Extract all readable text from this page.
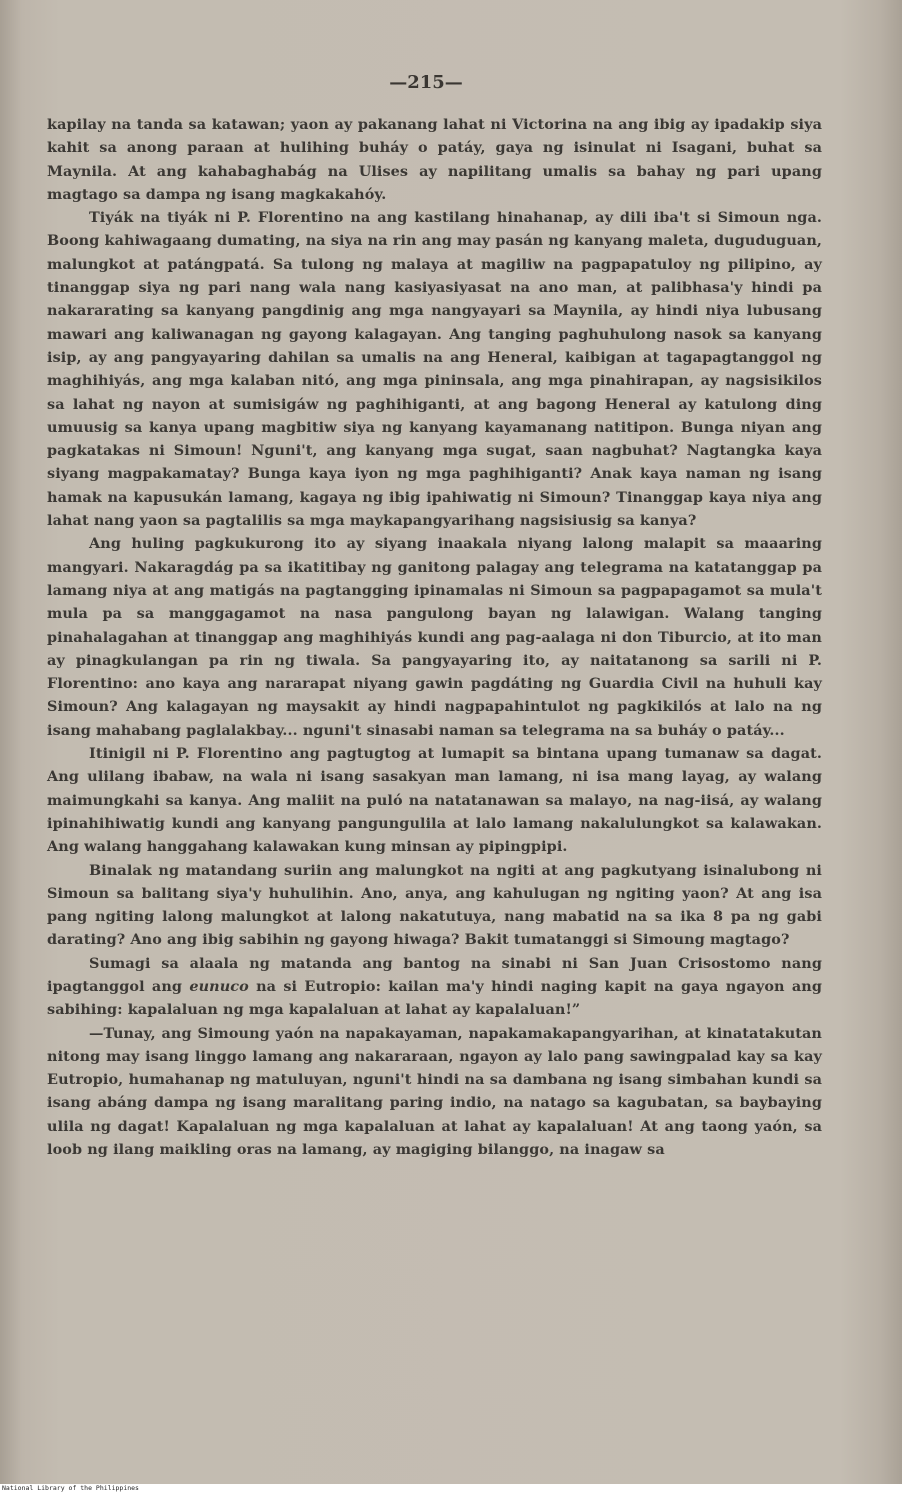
—215—

kapilay na tanda sa katawan; yaon ay pakanang lahat ni Victorina na ang ibig ay ipadakip siya kahit sa anong paraan at hulihing buháy o patáy, gaya ng isinulat ni Isagani, buhat sa Maynila. At ang kahabaghabág na Ulises ay napilitang umalis sa bahay ng pari upang magtago sa dampa ng isang magkakahóy.

Tiyák na tiyák ni P. Florentino na ang kastilang hinahanap, ay dili iba't si Simoun nga. Boong kahiwagaang dumating, na siya na rin ang may pasán ng kanyang maleta, duguduguan, malungkot at patángpatá. Sa tulong ng malaya at magiliw na pagpapatuloy ng pilipino, ay tinanggap siya ng pari nang wala nang kasiyasiyasat na ano man, at palibhasa'y hindi pa nakararating sa kanyang pangdinig ang mga nangyayari sa Maynila, ay hindi niya lubusang mawari ang kaliwanagan ng gayong kalagayan. Ang tanging paghuhulong nasok sa kanyang isip, ay ang pangyayaring dahilan sa umalis na ang Heneral, kaibigan at tagapagtanggol ng maghihiyás, ang mga kalaban nitó, ang mga pininsala, ang mga pinahirapan, ay nagsisikilos sa lahat ng nayon at sumisigáw ng paghihiganti, at ang bagong Heneral ay katulong ding umuusig sa kanya upang magbitiw siya ng kanyang kayamanang natitipon. Bunga niyan ang pagkatakas ni Simoun! Nguni't, ang kanyang mga sugat, saan nagbuhat? Nagtangka kaya siyang magpakamatay? Bunga kaya iyon ng mga paghihiganti? Anak kaya naman ng isang hamak na kapusukán lamang, kagaya ng ibig ipahiwatig ni Simoun? Tinanggap kaya niya ang lahat nang yaon sa pagtalilis sa mga maykapangyarihang nagsisiusig sa kanya?

Ang huling pagkukurong ito ay siyang inaakala niyang lalong malapit sa maaaring mangyari. Nakaragdág pa sa ikatitibay ng ganitong palagay ang telegrama na katatanggap pa lamang niya at ang matigás na pagtangging ipinamalas ni Simoun sa pagpapagamot sa mula't mula pa sa manggagamot na nasa pangulong bayan ng lalawigan. Walang tanging pinahalagahan at tinanggap ang maghihiyás kundi ang pag-aalaga ni don Tiburcio, at ito man ay pinagkulangan pa rin ng tiwala. Sa pangyayaring ito, ay naitatanong sa sarili ni P. Florentino: ano kaya ang nararapat niyang gawin pagdáting ng Guardia Civil na huhuli kay Simoun? Ang kalagayan ng maysakit ay hindi nagpapahintulot ng pagkikilós at lalo na ng isang mahabang paglalakbay... nguni't sinasabi naman sa telegrama na sa buháy o patáy...

Itinigil ni P. Florentino ang pagtugtog at lumapit sa bintana upang tumanaw sa dagat. Ang ulilang ibabaw, na wala ni isang sasakyan man lamang, ni isa mang layag, ay walang maimungkahi sa kanya. Ang maliit na puló na natatanawan sa malayo, na nag-iisá, ay walang ipinahihiwatig kundi ang kanyang pangungulila at lalo lamang nakalulungkot sa kalawakan. Ang walang hanggahang kalawakan kung minsan ay pipingpipi.

Binalak ng matandang suriin ang malungkot na ngiti at ang pagkutyang isinalubong ni Simoun sa balitang siya'y huhulihin. Ano, anya, ang kahulugan ng ngiting yaon? At ang isa pang ngiting lalong malungkot at lalong nakatutuya, nang mabatid na sa ika 8 pa ng gabi darating? Ano ang ibig sabihin ng gayong hiwaga? Bakit tumatanggi si Simoung magtago?

Sumagi sa alaala ng matanda ang bantog na sinabi ni San Juan Crisostomo nang ipagtanggol ang eunuco na si Eutropio: kailan ma'y hindi naging kapit na gaya ngayon ang sabihing: kapalaluan ng mga kapalaluan at lahat ay kapalaluan!”

—Tunay, ang Simoung yaón na napakayaman, napakamakapangyarihan, at kinatatakutan nitong may isang linggo lamang ang nakararaan, ngayon ay lalo pang sawingpalad kay sa kay Eutropio, humahanap ng matuluyan, nguni't hindi na sa dambana ng isang simbahan kundi sa isang abáng dampa ng isang maralitang paring indio, na natago sa kagubatan, sa baybaying ulila ng dagat! Kapalaluan ng mga kapalaluan at lahat ay kapalaluan! At ang taong yaón, sa loob ng ilang maikling oras na lamang, ay magiging bilanggo, na inagaw sa

National Library of the Philippines
